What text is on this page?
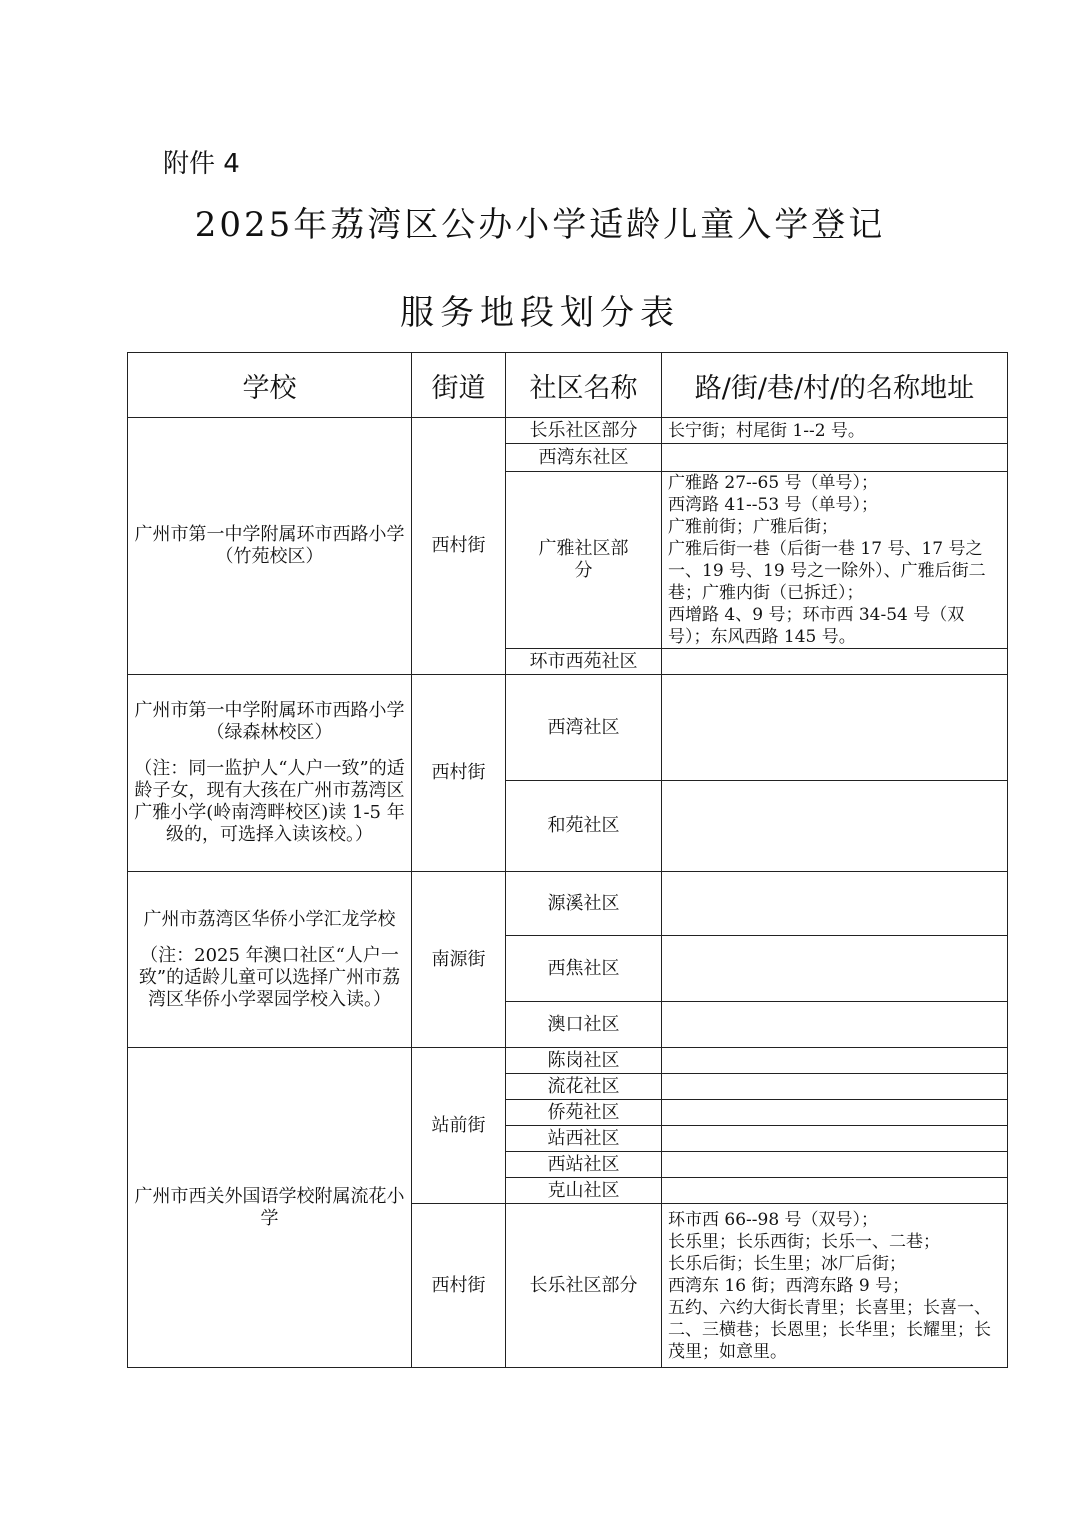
附件 4
2025年荔湾区公办小学适龄儿童入学登记
服务地段划分表
学校	街道	社区名称	路/街/巷/村/的名称地址
广州市第一中学附属环市西路小学（竹苑校区）	西村街	长乐社区部分	长宁街；村尾街 1--2 号。
		西湾东社区	
		广雅社区部分	广雅路 27--65 号（单号）；
西湾路 41--53 号（单号）；
广雅前街；广雅后街；
广雅后街一巷（后街一巷 17 号、17 号之一、19 号、19 号之一除外）、广雅后街二巷；广雅内街（已拆迁）；
西增路 4、9 号；环市西 34-54 号（双号）；东风西路 145 号。
		环市西苑社区	
广州市第一中学附属环市西路小学（绿森林校区）
（注：同一监护人“人户一致”的适龄子女，现有大孩在广州市荔湾区广雅小学(岭南湾畔校区)读 1-5 年级的，可选择入读该校。）	西村街	西湾社区	
		和苑社区	
广州市荔湾区华侨小学汇龙学校
（注：2025 年澳口社区“人户一致”的适龄儿童可以选择广州市荔湾区华侨小学翠园学校入读。）	南源街	源溪社区	
		西焦社区	
		澳口社区	
广州市西关外国语学校附属流花小学	站前街	陈岗社区	
		流花社区	
		侨苑社区	
		站西社区	
		西站社区	
		克山社区	
	西村街	长乐社区部分	环市西 66--98 号（双号）；
长乐里；长乐西街；长乐一、二巷；
长乐后街；长生里；冰厂后街；
西湾东 16 街；西湾东路 9 号；
五约、六约大街长青里；长喜里；长喜一、二、三横巷；长恩里；长华里；长耀里；长茂里；如意里。
